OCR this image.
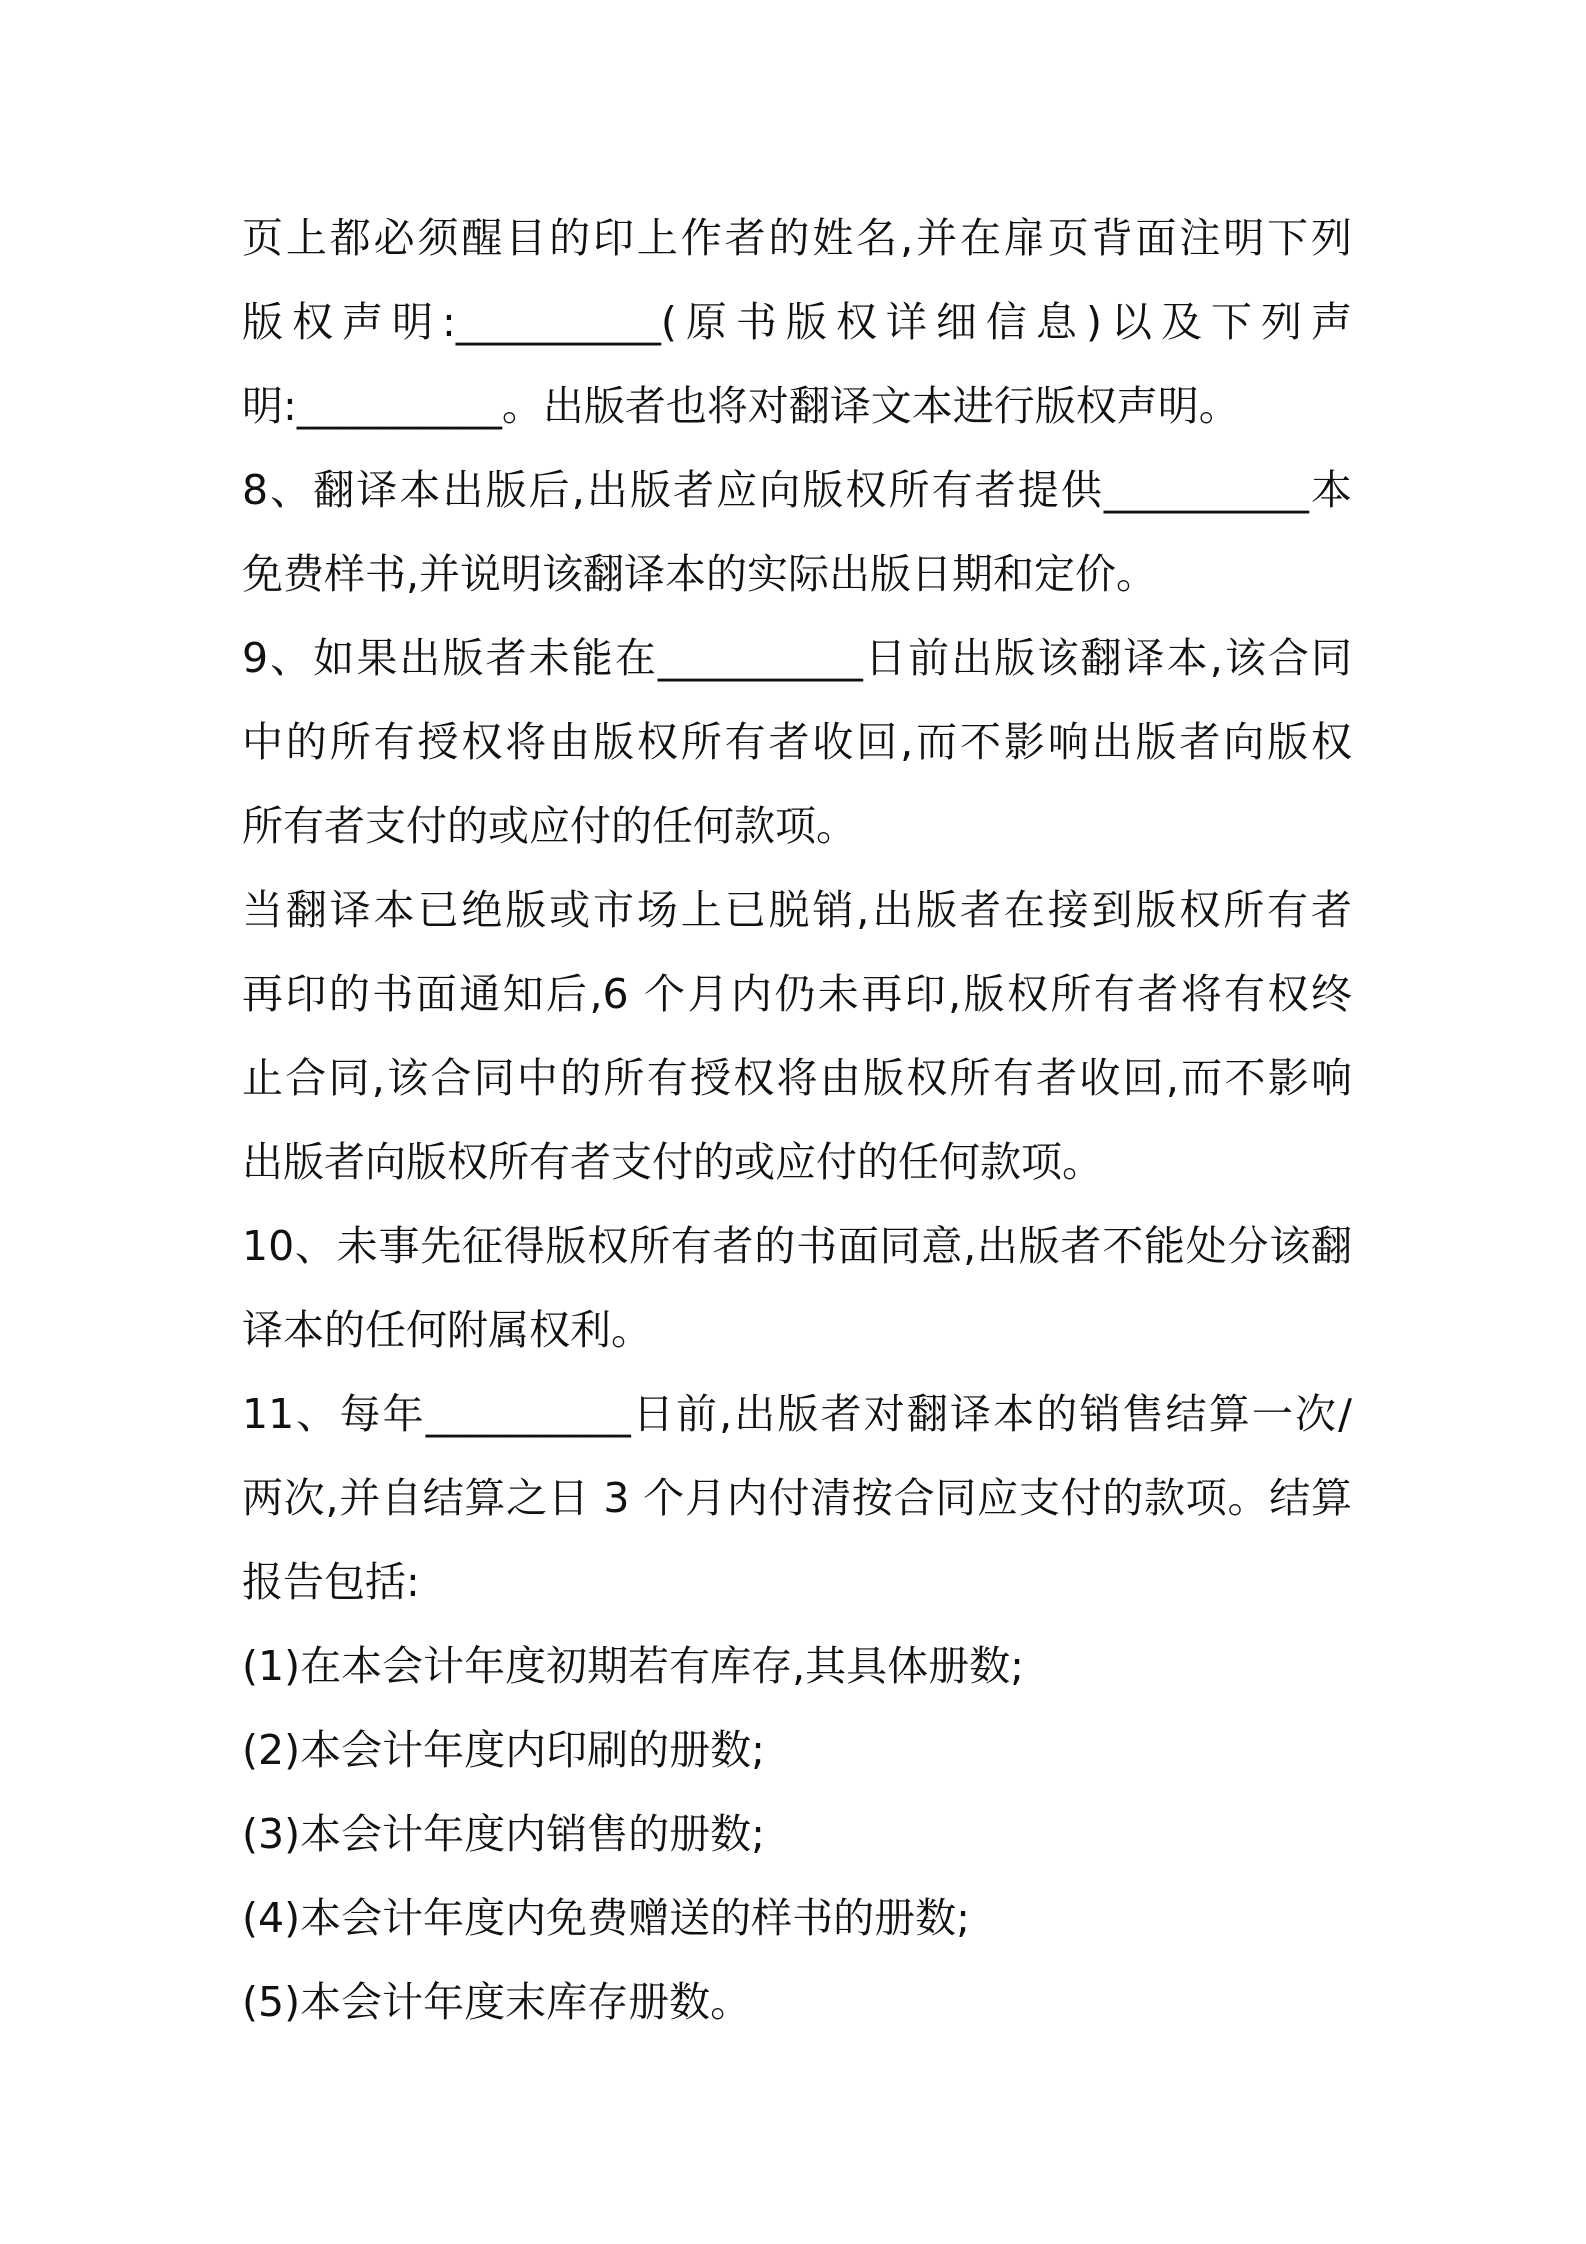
页上都必须醒目的印上作者的姓名,并在扉页背面注明下列
版权声明:__________(原书版权详细信息)以及下列声
明:__________。出版者也将对翻译文本进行版权声明。
8、翻译本出版后,出版者应向版权所有者提供__________本
免费样书,并说明该翻译本的实际出版日期和定价。
9、如果出版者未能在__________日前出版该翻译本,该合同
中的所有授权将由版权所有者收回,而不影响出版者向版权
所有者支付的或应付的任何款项。
当翻译本已绝版或市场上已脱销,出版者在接到版权所有者
再印的书面通知后,6 个月内仍未再印,版权所有者将有权终
止合同,该合同中的所有授权将由版权所有者收回,而不影响
出版者向版权所有者支付的或应付的任何款项。
10、未事先征得版权所有者的书面同意,出版者不能处分该翻
译本的任何附属权利。
11、每年__________日前,出版者对翻译本的销售结算一次/
两次,并自结算之日 3 个月内付清按合同应支付的款项。结算
报告包括:
(1)在本会计年度初期若有库存,其具体册数;
(2)本会计年度内印刷的册数;
(3)本会计年度内销售的册数;
(4)本会计年度内免费赠送的样书的册数;
(5)本会计年度末库存册数。
